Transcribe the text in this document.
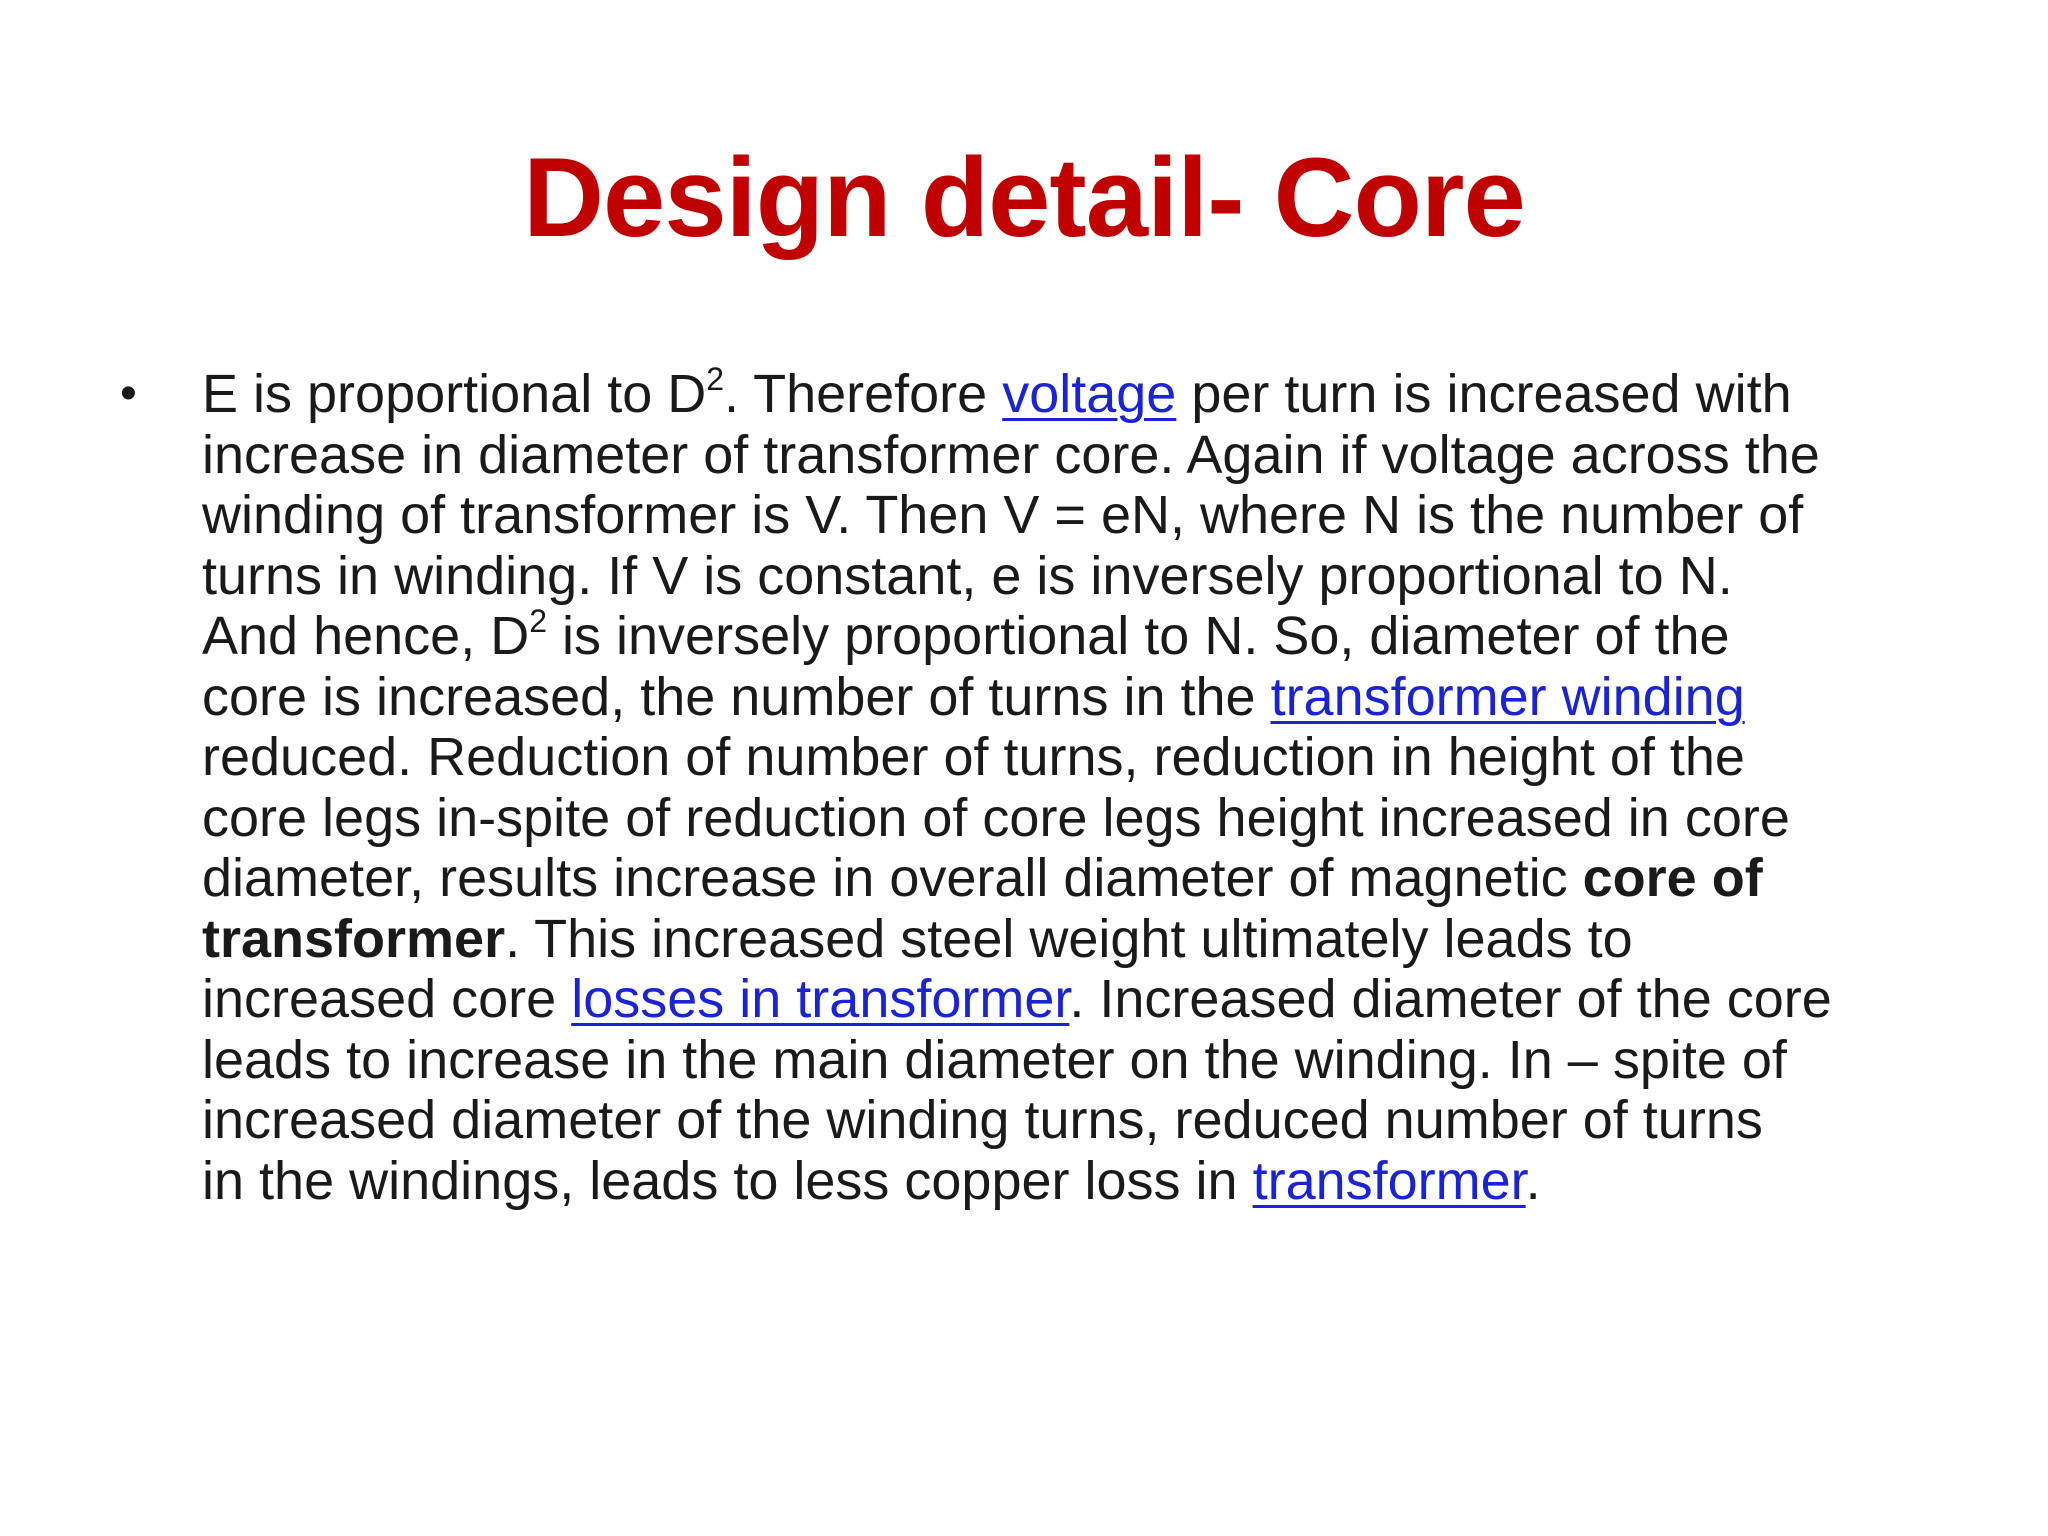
Design detail- Core
•	E is proportional to $D^2$. Therefore voltage per turn is increased with
increase in diameter of transformer core. Again if voltage across the
winding of transformer is V. Then V = eN, where N is the number of
turns in winding. If V is constant, e is inversely proportional to N.
And hence, $D^2$ is inversely proportional to N. So, diameter of the
core is increased, the number of turns in the transformer winding
reduced. Reduction of number of turns, reduction in height of the
core legs in-spite of reduction of core legs height increased in core
diameter, results increase in overall diameter of magnetic core of
transformer. This increased steel weight ultimately leads to
increased core losses in transformer. Increased diameter of the core
leads to increase in the main diameter on the winding. In – spite of
increased diameter of the winding turns, reduced number of turns
in the windings, leads to less copper loss in transformer.
